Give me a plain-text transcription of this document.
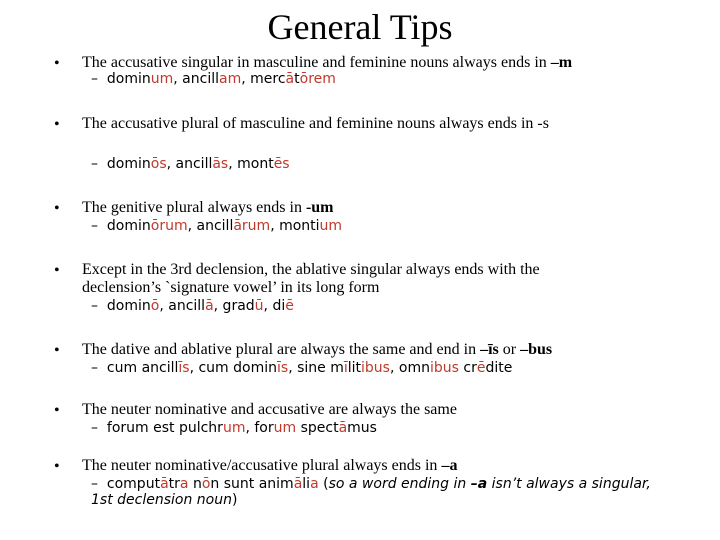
General Tips
• The accusative singular in masculine and feminine nouns always ends in –m
– dominum, ancillam, mercātōrem
• The accusative plural of masculine and feminine nouns always ends in -s
– dominōs, ancillās, montēs
• The genitive plural always ends in -um
– dominōrum, ancillārum, montium
• Except in the 3rd declension, the ablative singular always ends with the declension’s `signature vowel’ in its long form
– dominō, ancillā, gradū, diē
• The dative and ablative plural are always the same and end in –īs or –bus
– cum ancillīs, cum dominīs, sine mīlitibus, omnibus crēdite
• The neuter nominative and accusative are always the same
– forum est pulchrum, forum spectāmus
• The neuter nominative/accusative plural always ends in –a
– computātra nōn sunt animālia (so a word ending in –a isn’t always a singular, 1st declension noun)
